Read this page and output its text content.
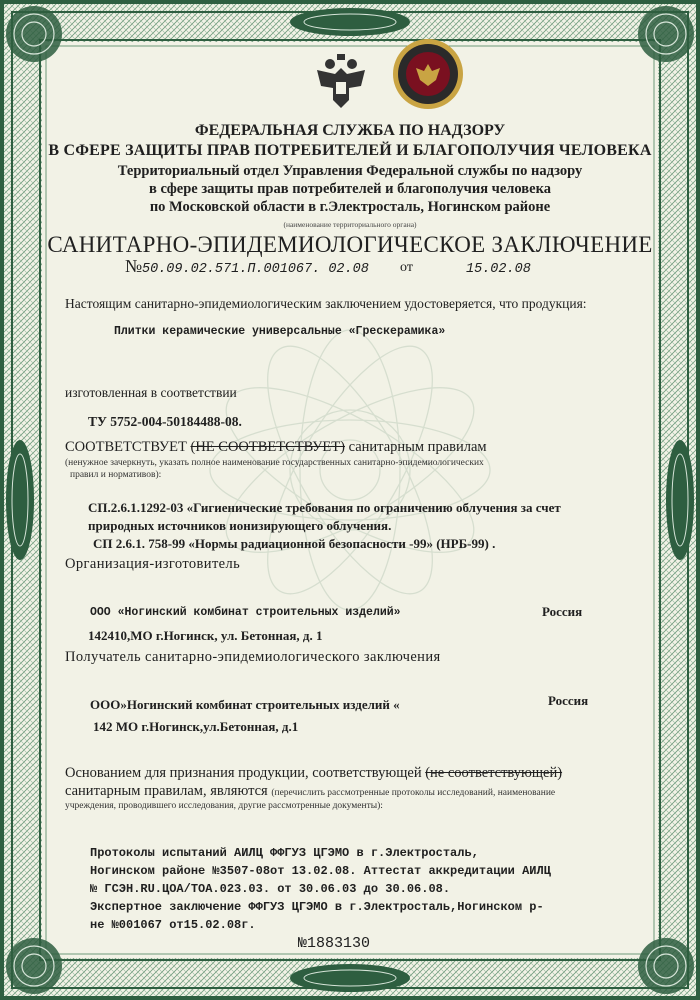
ФЕДЕРАЛЬНАЯ СЛУЖБА ПО НАДЗОРУ
В СФЕРЕ ЗАЩИТЫ ПРАВ ПОТРЕБИТЕЛЕЙ И БЛАГОПОЛУЧИЯ ЧЕЛОВЕКА
Территориальный отдел Управления Федеральной службы по надзору
в сфере защиты прав потребителей и благополучия человека
по Московской области в г.Электросталь, Ногинском районе
(наименование территориального органа)
САНИТАРНО-ЭПИДЕМИОЛОГИЧЕСКОЕ ЗАКЛЮЧЕНИЕ
№ 50.09.02.571.П.001067. 02.08 от	15.02.08
Настоящим санитарно-эпидемиологическим заключением удостоверяется, что продукция:
Плитки керамические универсальные «Грескерамика»
изготовленная в соответствии
ТУ 5752-004-50184488-08.
СООТВЕТСТВУЕТ (НЕ СООТВЕТСТВУЕТ) санитарным правилам
(ненужное зачеркнуть, указать полное наименование государственных санитарно-эпидемиологических
правил и нормативов):
СП.2.6.1.1292-03 «Гигиенические требования по ограничению облучения за счет
природных источников ионизирующего облучения.
СП 2.6.1. 758-99 «Нормы радиационной безопасности -99» (НРБ-99) .
Организация-изготовитель
ООО «Ногинский комбинат строительных изделий»	Россия
142410,МО г.Ногинск, ул. Бетонная, д. 1
Получатель санитарно-эпидемиологического заключения
ООО»Ногинский комбинат строительных изделий «	Россия
142 МО г.Ногинск,ул.Бетонная, д.1
Основанием для признания продукции, соответствующей (не соответствующей)
санитарным правилам, являются (перечислить рассмотренные протоколы исследований, наименование
учреждения, проводившего исследования, другие рассмотренные документы):
Протоколы испытаний АИЛЦ ФФГУЗ ЦГЭМО в г.Электросталь,
Ногинском районе №3507-08от 13.02.08. Аттестат аккредитации АИЛЦ
№ ГСЭН.RU.ЦОА/ТОА.023.03. от 30.06.03 до 30.06.08.
Экспертное заключение ФФГУЗ ЦГЭМО в г.Электросталь,Ногинском р-
не №001067 от15.02.08г.
№1883130
